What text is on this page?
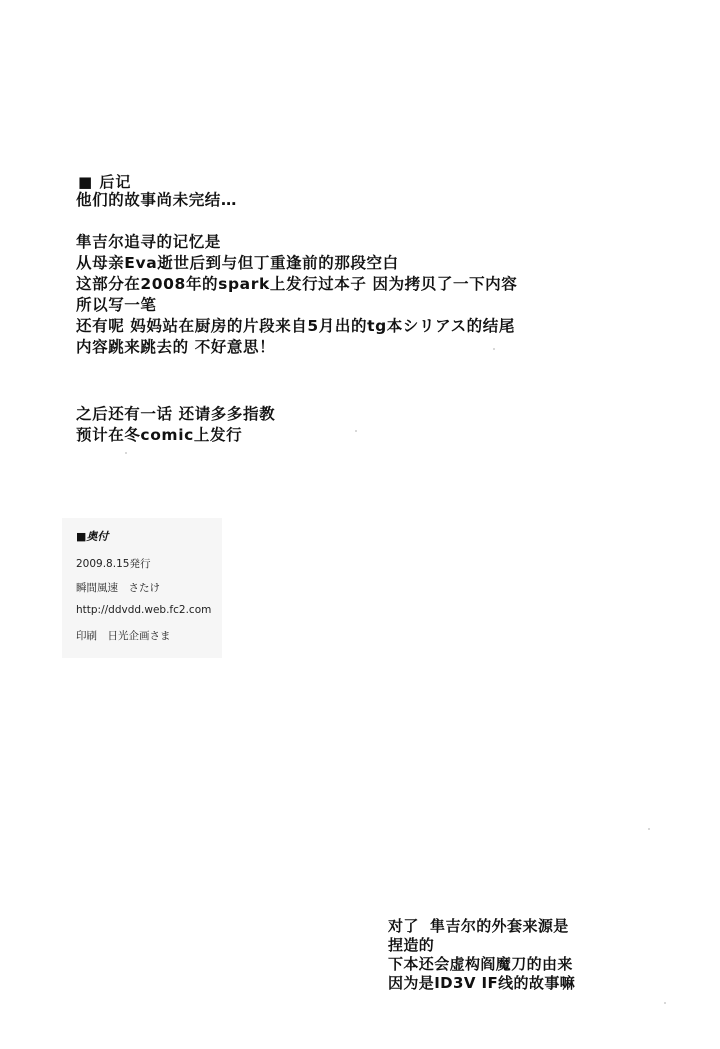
■ 后记
他们的故事尚未完结…
隼吉尔追寻的记忆是
从母亲Eva逝世后到与但丁重逢前的那段空白
这部分在2008年的spark上发行过本子 因为拷贝了一下内容
所以写一笔
还有呢 妈妈站在厨房的片段来自5月出的tg本シリアス的结尾
内容跳来跳去的 不好意思！
之后还有一话 还请多多指教
预计在冬comic上发行
■奥付
2009.8.15発行
瞬間風速　さたけ
http://ddvdd.web.fc2.com
印刷　日光企画さま
对了  隼吉尔的外套来源是
捏造的
下本还会虚构阎魔刀的由来
因为是ID3V IF线的故事嘛
